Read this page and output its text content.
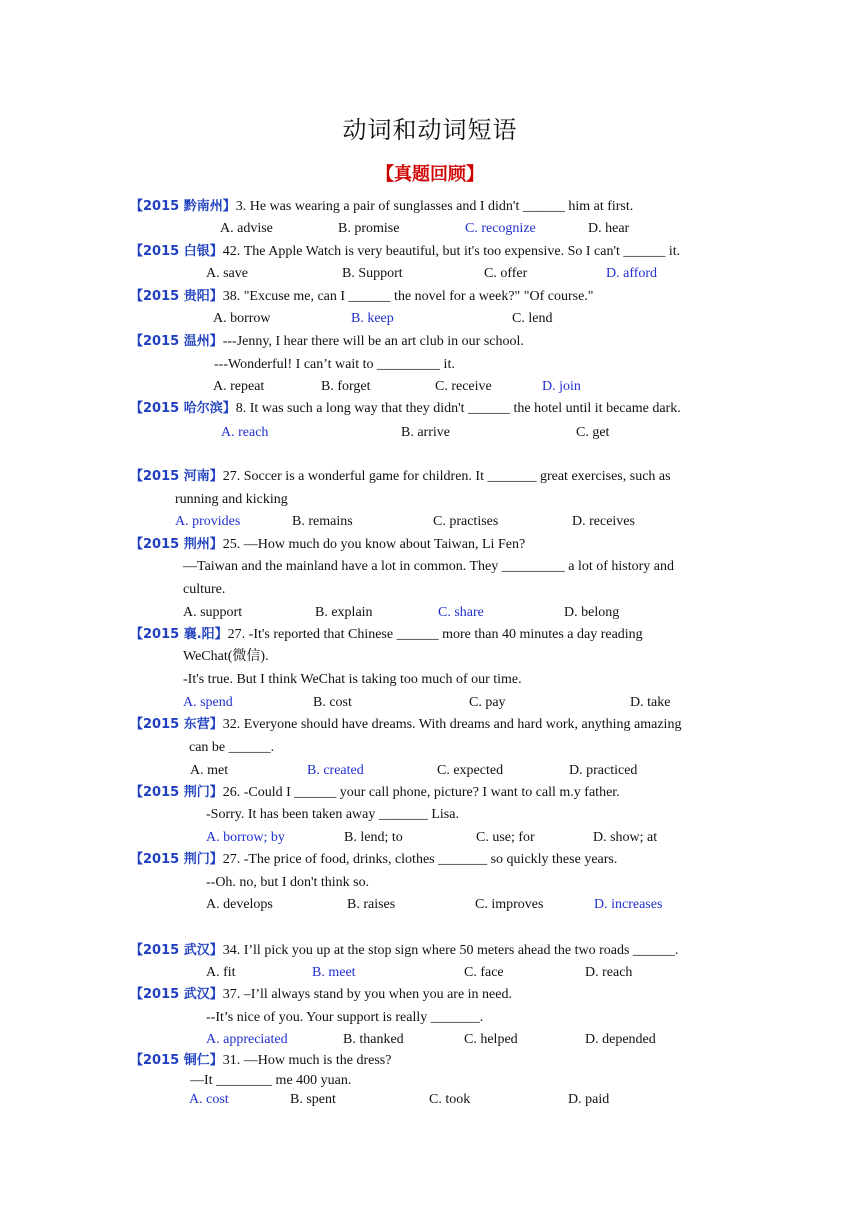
动词和动词短语
【真题回顾】
【2015 黔南州】3. He was wearing a pair of sunglasses and I didn't ______ him at first.
A. advise	B. promise	C. recognize	D. hear
【2015 白银】42. The Apple Watch is very beautiful, but it's too expensive. So I can't ______ it.
A. save	B. Support	C. offer	D. afford
【2015 贵阳】38. "Excuse me, can I ______ the novel for a week?" "Of course."
A. borrow	B. keep	C. lend
【2015 温州】---Jenny, I hear there will be an art club in our school.
---Wonderful! I can’t wait to _________ it.
A. repeat	B. forget	C. receive	D. join
【2015 哈尔滨】8. It was such a long way that they didn't ______ the hotel until it became dark.
A. reach	B. arrive	C. get
【2015 河南】27. Soccer is a wonderful game for children. It _______ great exercises, such as
running and kicking
A. provides	B. remains	C. practises	D. receives
【2015 荆州】25. —How much do you know about Taiwan, Li Fen?
—Taiwan and the mainland have a lot in common. They _________ a lot of history and
culture.
A. support	B. explain	C. share	D. belong
【2015 襄.阳】27. -It's reported that Chinese ______ more than 40 minutes a day reading
WeChat(微信).
-It's true. But I think WeChat is taking too much of our time.
A. spend	B. cost	C. pay	D. take
【2015 东营】32. Everyone should have dreams. With dreams and hard work, anything amazing
can be ______.
A. met	B. created	C. expected	D. practiced
【2015 荆门】26. -Could I ______ your call phone, picture? I want to call m.y father.
-Sorry. It has been taken away _______ Lisa.
A. borrow; by	B. lend; to	C. use; for	D. show; at
【2015 荆门】27. -The price of food, drinks, clothes _______ so quickly these years.
--Oh. no, but I don't think so.
A. develops	B. raises	C. improves	D. increases
【2015 武汉】34. I’ll pick you up at the stop sign where 50 meters ahead the two roads ______.
A. fit	B. meet	C. face	D. reach
【2015 武汉】37. –I’ll always stand by you when you are in need.
--It’s nice of you. Your support is really _______.
A. appreciated	B. thanked	C. helped	D. depended
【2015 铜仁】31. —How much is the dress?
—It ________ me 400 yuan.
A. cost	B. spent	C. took	D. paid
